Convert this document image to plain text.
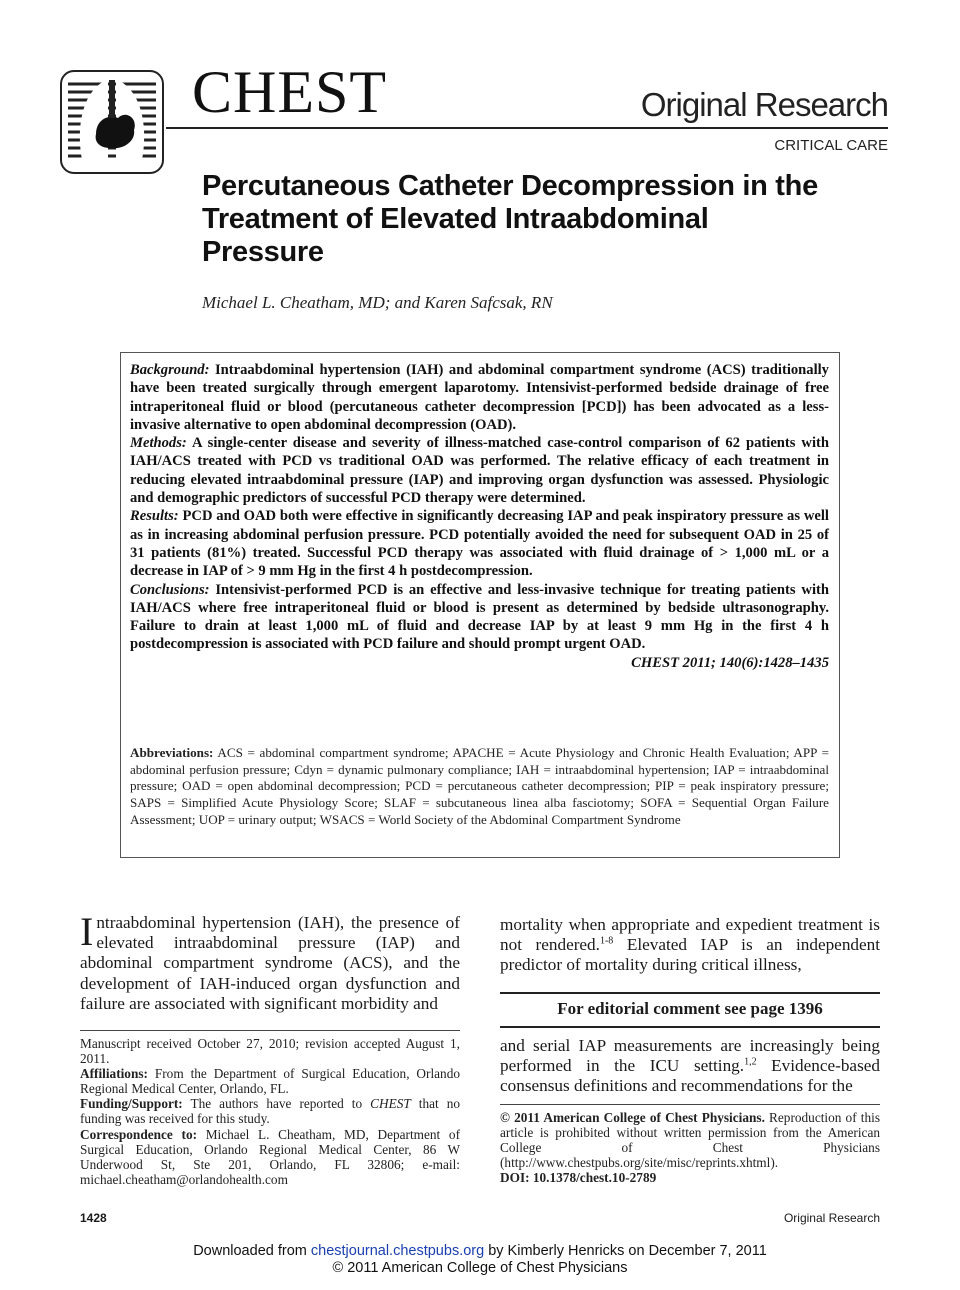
CHEST	Original Research
CRITICAL CARE
Percutaneous Catheter Decompression in the Treatment of Elevated Intraabdominal Pressure
Michael L. Cheatham, MD; and Karen Safcsak, RN

Background: Intraabdominal hypertension (IAH) and abdominal compartment syndrome (ACS) traditionally have been treated surgically through emergent laparotomy. Intensivist-performed bedside drainage of free intraperitoneal fluid or blood (percutaneous catheter decompression [PCD]) has been advocated as a less-invasive alternative to open abdominal decompression (OAD).

Methods: A single-center disease and severity of illness-matched case-control comparison of 62 patients with IAH/ACS treated with PCD vs traditional OAD was performed. The relative efficacy of each treatment in reducing elevated intraabdominal pressure (IAP) and improving organ dysfunction was assessed. Physiologic and demographic predictors of successful PCD therapy were determined.

Results: PCD and OAD both were effective in significantly decreasing IAP and peak inspiratory pressure as well as in increasing abdominal perfusion pressure. PCD potentially avoided the need for subsequent OAD in 25 of 31 patients (81%) treated. Successful PCD therapy was associated with fluid drainage of > 1,000 mL or a decrease in IAP of > 9 mm Hg in the first 4 h postdecompression.

Conclusions: Intensivist-performed PCD is an effective and less-invasive technique for treating patients with IAH/ACS where free intraperitoneal fluid or blood is present as determined by bedside ultrasonography. Failure to drain at least 1,000 mL of fluid and decrease IAP by at least 9 mm Hg in the first 4 h postdecompression is associated with PCD failure and should prompt urgent OAD.

CHEST 2011; 140(6):1428–1435

Abbreviations: ACS = abdominal compartment syndrome; APACHE = Acute Physiology and Chronic Health Evaluation; APP = abdominal perfusion pressure; Cdyn = dynamic pulmonary compliance; IAH = intraabdominal hypertension; IAP = intraabdominal pressure; OAD = open abdominal decompression; PCD = percutaneous catheter decompression; PIP = peak inspiratory pressure; SAPS = Simplified Acute Physiology Score; SLAF = subcutaneous linea alba fasciotomy; SOFA = Sequential Organ Failure Assessment; UOP = urinary output; WSACS = World Society of the Abdominal Compartment Syndrome
Intraabdominal hypertension (IAH), the presence of elevated intraabdominal pressure (IAP) and abdominal compartment syndrome (ACS), and the development of IAH-induced organ dysfunction and failure are associated with significant morbidity and
mortality when appropriate and expedient treatment is not rendered.$^{1-8}$ Elevated IAP is an independent predictor of mortality during critical illness,
For editorial comment see page 1396
and serial IAP measurements are increasingly being performed in the ICU setting.$^{1,2}$ Evidence-based consensus definitions and recommendations for the

Manuscript received October 27, 2010; revision accepted August 1, 2011.

Affiliations: From the Department of Surgical Education, Orlando Regional Medical Center, Orlando, FL.

Funding/Support: The authors have reported to CHEST that no funding was received for this study.

Correspondence to: Michael L. Cheatham, MD, Department of Surgical Education, Orlando Regional Medical Center, 86 W Underwood St, Ste 201, Orlando, FL 32806; e-mail: michael.cheatham@orlandohealth.com

© 2011 American College of Chest Physicians. Reproduction of this article is prohibited without written permission from the American College of Chest Physicians (http://www.chestpubs.org/site/misc/reprints.xhtml).

DOI: 10.1378/chest.10-2789

1428	Original Research
Downloaded from chestjournal.chestpubs.org by Kimberly Henricks on December 7, 2011
© 2011 American College of Chest Physicians
